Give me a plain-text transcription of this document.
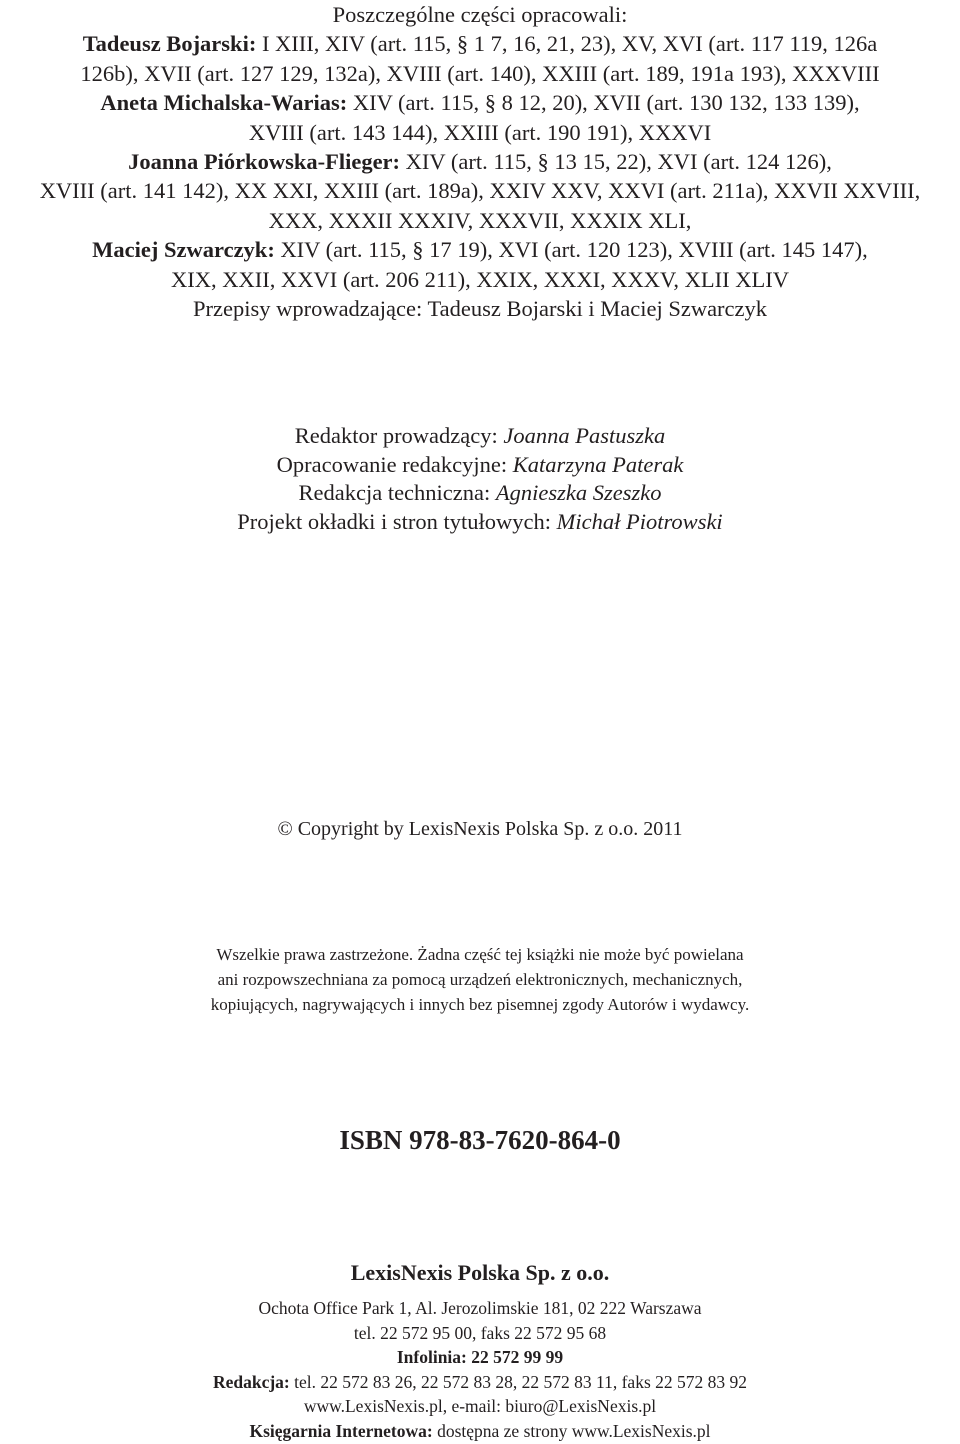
Poszczególne części opracowali:
Tadeusz Bojarski: I XIII, XIV (art. 115, § 1 7, 16, 21, 23), XV, XVI (art. 117 119, 126a
126b), XVII (art. 127 129, 132a), XVIII (art. 140), XXIII (art. 189, 191a 193), XXXVIII
Aneta Michalska-Warias: XIV (art. 115, § 8 12, 20), XVII (art. 130 132, 133 139),
XVIII (art. 143 144), XXIII (art. 190 191), XXXVI
Joanna Piórkowska-Flieger: XIV (art. 115, § 13 15, 22), XVI (art. 124 126),
XVIII (art. 141 142), XX XXI, XXIII (art. 189a), XXIV XXV, XXVI (art. 211a), XXVII XXVIII,
XXX, XXXII XXXIV, XXXVII, XXXIX XLI,
Maciej Szwarczyk: XIV (art. 115, § 17 19), XVI (art. 120 123), XVIII (art. 145 147),
XIX, XXII, XXVI (art. 206 211), XXIX, XXXI, XXXV, XLII XLIV
Przepisy wprowadzające: Tadeusz Bojarski i Maciej Szwarczyk
Redaktor prowadzący: Joanna Pastuszka
Opracowanie redakcyjne: Katarzyna Paterak
Redakcja techniczna: Agnieszka Szeszko
Projekt okładki i stron tytułowych: Michał Piotrowski
© Copyright by LexisNexis Polska Sp. z o.o. 2011
Wszelkie prawa zastrzeżone. Żadna część tej książki nie może być powielana
ani rozpowszechniana za pomocą urządzeń elektronicznych, mechanicznych,
kopiujących, nagrywających i innych bez pisemnej zgody Autorów i wydawcy.
ISBN 978-83-7620-864-0
LexisNexis Polska Sp. z o.o.
Ochota Office Park 1, Al. Jerozolimskie 181, 02 222 Warszawa
tel. 22 572 95 00, faks 22 572 95 68
Infolinia: 22 572 99 99
Redakcja: tel. 22 572 83 26, 22 572 83 28, 22 572 83 11, faks 22 572 83 92
www.LexisNexis.pl, e-mail: biuro@LexisNexis.pl
Księgarnia Internetowa: dostępna ze strony www.LexisNexis.pl
